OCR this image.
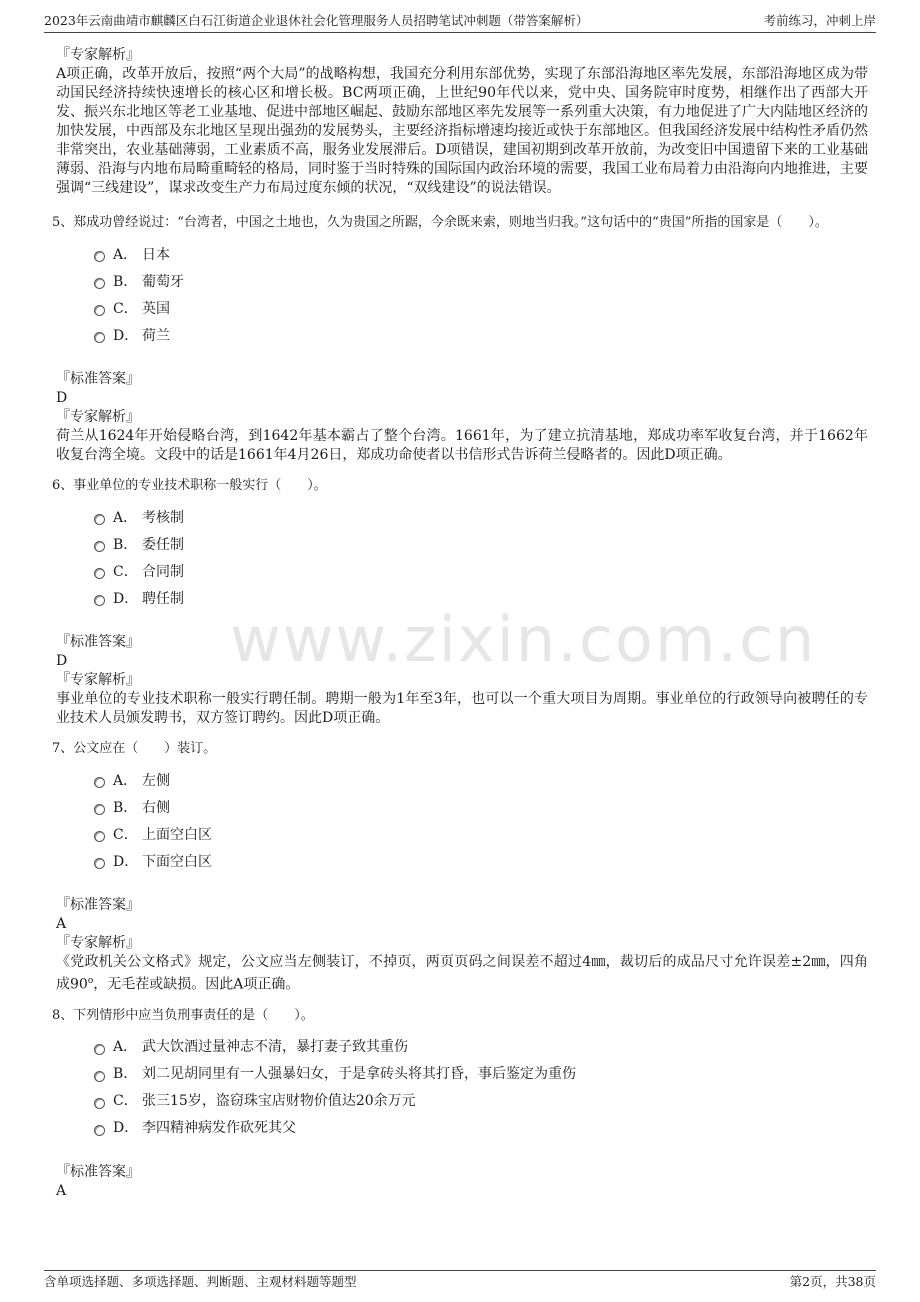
2023年云南曲靖市麒麟区白石江街道企业退休社会化管理服务人员招聘笔试冲刺题（带答案解析）	考前练习，冲刺上岸
www.zixin.com.cn
『专家解析』
A项正确，改革开放后，按照“两个大局”的战略构想，我国充分利用东部优势，实现了东部沿海地区率先发展，东部沿海地区成为带动国民经济持续快速增长的核心区和增长极。BC两项正确，上世纪90年代以来，党中央、国务院审时度势，相继作出了西部大开发、振兴东北地区等老工业基地、促进中部地区崛起、鼓励东部地区率先发展等一系列重大决策，有力地促进了广大内陆地区经济的加快发展，中西部及东北地区呈现出强劲的发展势头，主要经济指标增速均接近或快于东部地区。但我国经济发展中结构性矛盾仍然非常突出，农业基础薄弱，工业素质不高，服务业发展滞后。D项错误，建国初期到改革开放前，为改变旧中国遗留下来的工业基础薄弱、沿海与内地布局畸重畸轻的格局，同时鉴于当时特殊的国际国内政治环境的需要，我国工业布局着力由沿海向内地推进，主要强调“三线建设”，谋求改变生产力布局过度东倾的状况，“双线建设”的说法错误。
5、郑成功曾经说过：“台湾者，中国之土地也，久为贵国之所踞，今余既来索，则地当归我。”这句话中的“贵国”所指的国家是（　　）。
A． 日本
B． 葡萄牙
C． 英国
D． 荷兰
『标准答案』
D
『专家解析』
荷兰从1624年开始侵略台湾，到1642年基本霸占了整个台湾。1661年，为了建立抗清基地，郑成功率军收复台湾，并于1662年收复台湾全境。文段中的话是1661年4月26日，郑成功命使者以书信形式告诉荷兰侵略者的。因此D项正确。
6、事业单位的专业技术职称一般实行（　　）。
A． 考核制
B． 委任制
C． 合同制
D． 聘任制
『标准答案』
D
『专家解析』
事业单位的专业技术职称一般实行聘任制。聘期一般为1年至3年，也可以一个重大项目为周期。事业单位的行政领导向被聘任的专业技术人员颁发聘书，双方签订聘约。因此D项正确。
7、公文应在（　　）装订。
A． 左侧
B． 右侧
C． 上面空白区
D． 下面空白区
『标准答案』
A
『专家解析』
《党政机关公文格式》规定，公文应当左侧装订，不掉页，两页页码之间误差不超过4㎜，裁切后的成品尺寸允许误差±2㎜，四角成90$^o$，无毛茬或缺损。因此A项正确。
8、下列情形中应当负刑事责任的是（　　）。
A． 武大饮酒过量神志不清，暴打妻子致其重伤
B． 刘二见胡同里有一人强暴妇女，于是拿砖头将其打昏，事后鉴定为重伤
C． 张三15岁，盗窃珠宝店财物价值达20余万元
D． 李四精神病发作砍死其父
『标准答案』
A
含单项选择题、多项选择题、判断题、主观材料题等题型	第2页，共38页
